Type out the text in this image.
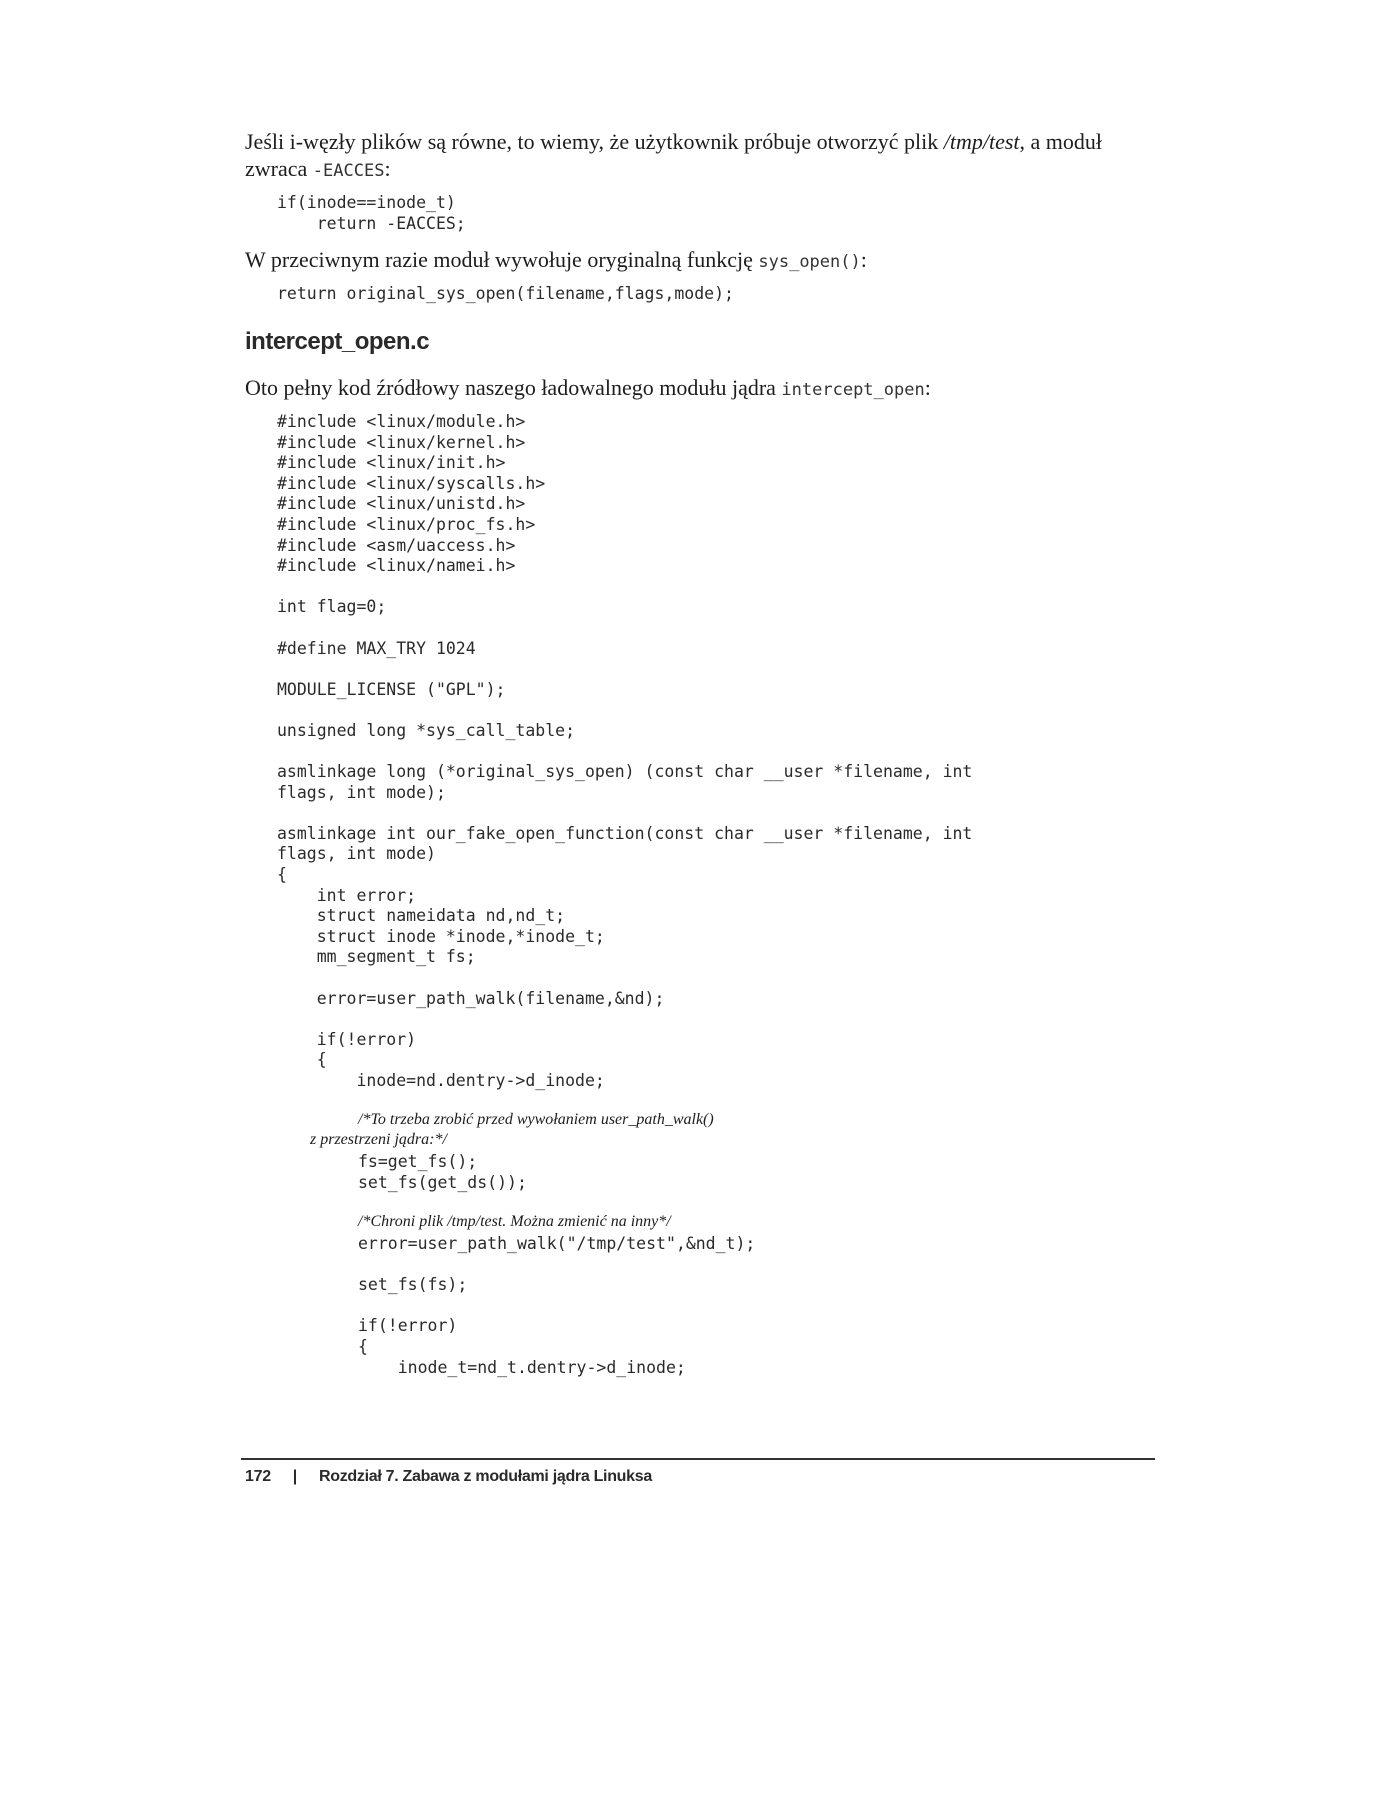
Jeśli i-węzły plików są równe, to wiemy, że użytkownik próbuje otworzyć plik /tmp/test, a moduł
zwraca -EACCES:

if(inode==inode_t)
return -EACCES;

W przeciwnym razie moduł wywołuje oryginalną funkcję sys_open():

return original_sys_open(filename,flags,mode);
intercept_open.c

Oto pełny kod źródłowy naszego ładowalnego modułu jądra intercept_open:

#include <linux/module.h>
#include <linux/kernel.h>
#include <linux/init.h>
#include <linux/syscalls.h>
#include <linux/unistd.h>
#include <linux/proc_fs.h>
#include <asm/uaccess.h>
#include <linux/namei.h>
int flag=0;
#define MAX_TRY 1024
MODULE_LICENSE ("GPL");
unsigned long *sys_call_table;
asmlinkage long (*original_sys_open) (const char __user *filename, int
flags, int mode);
asmlinkage int our_fake_open_function(const char __user *filename, int
flags, int mode)
{
int error;
struct nameidata nd,nd_t;
struct inode *inode,*inode_t;
mm_segment_t fs;
error=user_path_walk(filename,&nd);
if(!error)
{
inode=nd.dentry->d_inode;
/*To trzeba zrobić przed wywołaniem user_path_walk()
z przestrzeni jądra:*/
fs=get_fs();
set_fs(get_ds());
/*Chroni plik /tmp/test. Można zmienić na inny*/
error=user_path_walk("/tmp/test",&nd_t);
set_fs(fs);
if(!error)
{
inode_t=nd_t.dentry->d_inode;
172 | Rozdział 7. Zabawa z modułami jądra Linuksa
